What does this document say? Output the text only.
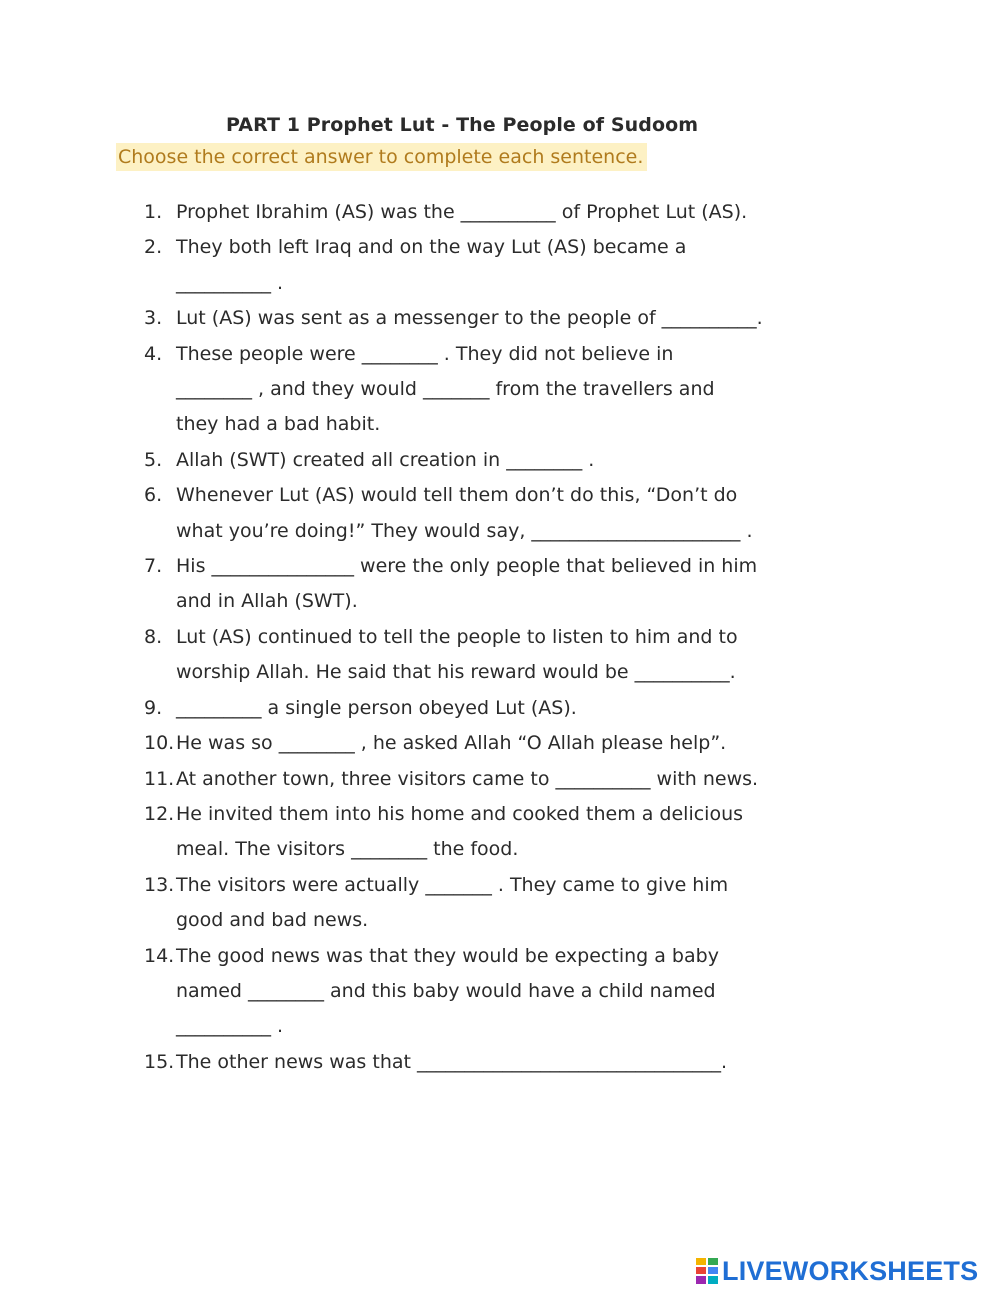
PART 1 Prophet Lut - The People of Sudoom
Choose the correct answer to complete each sentence.
1. Prophet Ibrahim (AS) was the __________ of Prophet Lut (AS).
2. They both left Iraq and on the way Lut (AS) became a
__________ .
3. Lut (AS) was sent as a messenger to the people of __________.
4. These people were ________ . They did not believe in
________ , and they would _______ from the travellers and
they had a bad habit.
5. Allah (SWT) created all creation in ________ .
6. Whenever Lut (AS) would tell them don’t do this, “Don’t do
what you’re doing!” They would say, ______________________ .
7. His _______________ were the only people that believed in him
and in Allah (SWT).
8. Lut (AS) continued to tell the people to listen to him and to
worship Allah. He said that his reward would be __________.
9. _________ a single person obeyed Lut (AS).
10. He was so ________ , he asked Allah “O Allah please help”.
11. At another town, three visitors came to __________ with news.
12. He invited them into his home and cooked them a delicious
meal. The visitors ________ the food.
13. The visitors were actually _______ . They came to give him
good and bad news.
14. The good news was that they would be expecting a baby
named ________ and this baby would have a child named
__________ .
15. The other news was that ________________________________.
LIVEWORKSHEETS
